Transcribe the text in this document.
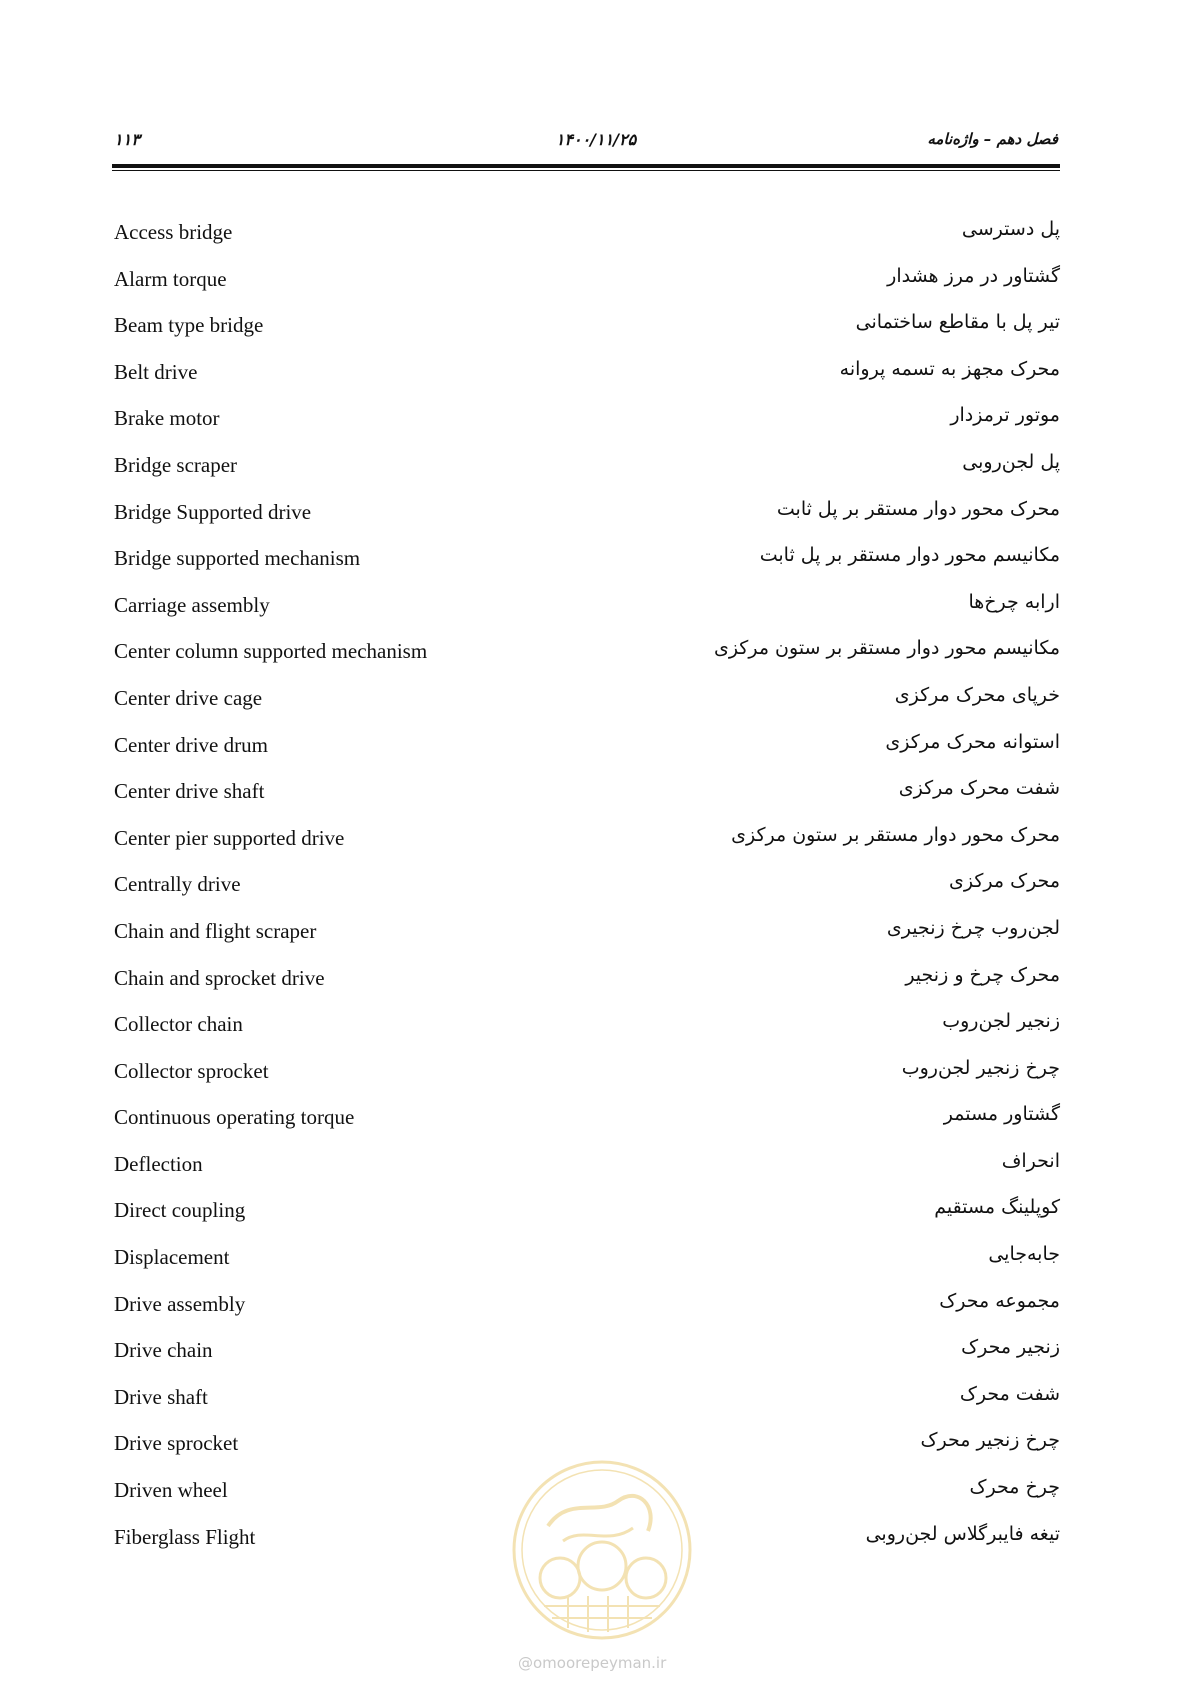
۱۱۳	۱۴۰۰/۱۱/۲۵	فصل دهم – واژه‌نامه
Access bridge	پل دسترسی
Alarm torque	گشتاور در مرز هشدار
Beam type bridge	تیر پل با مقاطع ساختمانی
Belt drive	محرک مجهز به تسمه پروانه
Brake motor	موتور ترمزدار
Bridge scraper	پل لجن‌روبی
Bridge Supported drive	محرک محور دوار مستقر بر پل ثابت
Bridge supported mechanism	مکانیسم محور دوار مستقر بر پل ثابت
Carriage assembly	ارابه چرخ‌ها
Center column supported mechanism	مکانیسم محور دوار مستقر بر ستون مرکزی
Center drive cage	خرپای محرک مرکزی
Center drive drum	استوانه محرک مرکزی
Center drive shaft	شفت محرک مرکزی
Center pier supported drive	محرک محور دوار مستقر بر ستون مرکزی
Centrally drive	محرک مرکزی
Chain and flight scraper	لجن‌روب چرخ زنجیری
Chain and sprocket drive	محرک چرخ و زنجیر
Collector chain	زنجیر لجن‌روب
Collector sprocket	چرخ زنجیر لجن‌روب
Continuous operating torque	گشتاور مستمر
Deflection	انحراف
Direct coupling	کوپلینگ مستقیم
Displacement	جابه‌جایی
Drive assembly	مجموعه محرک
Drive chain	زنجیر محرک
Drive shaft	شفت محرک
Drive sprocket	چرخ زنجیر محرک
Driven wheel	چرخ محرک
Fiberglass Flight	تیغه فایبرگلاس لجن‌روبی
@omoorepeyman.ir
